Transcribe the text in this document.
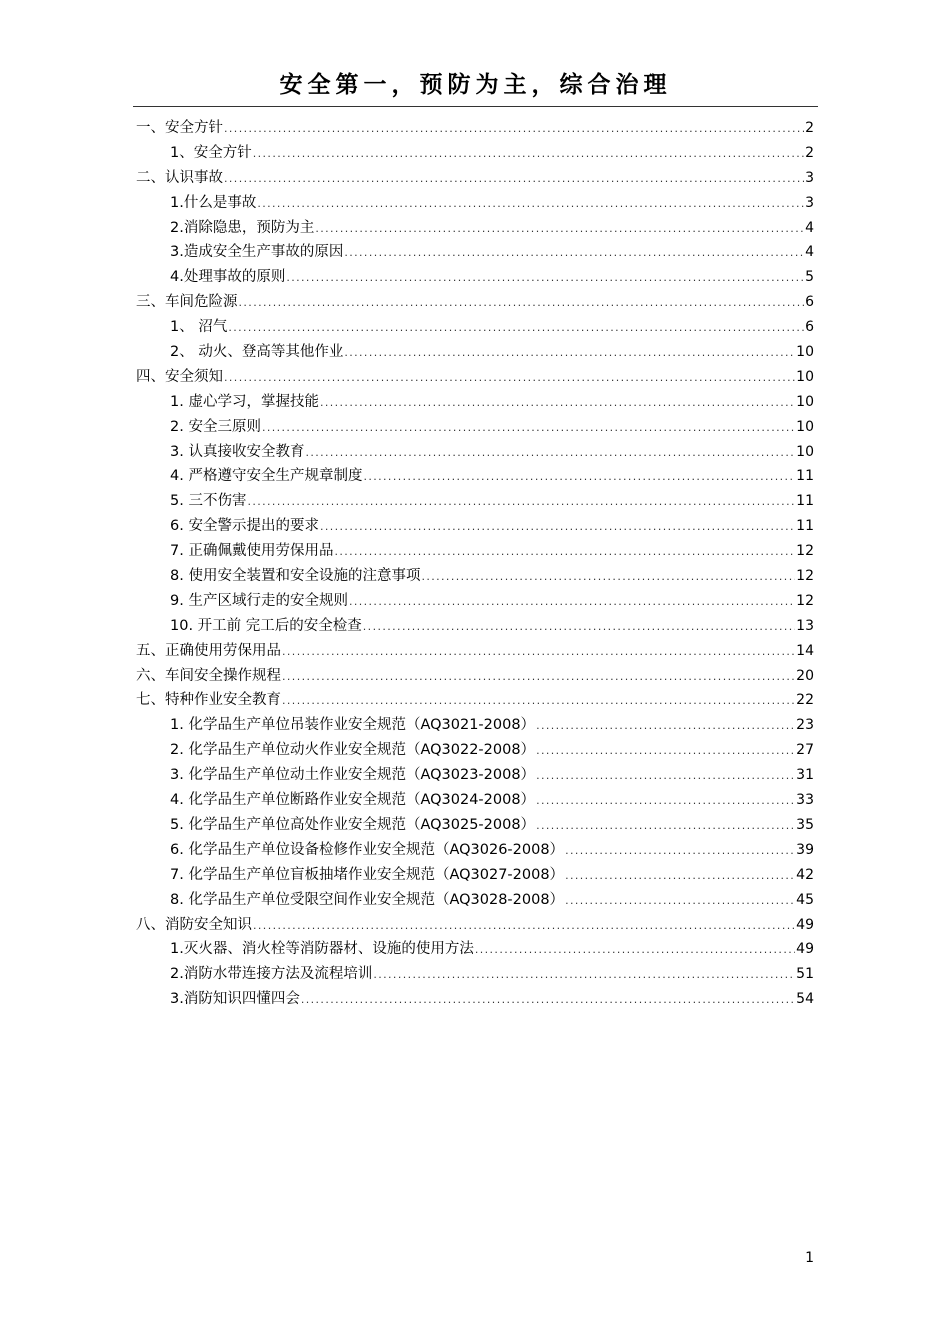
安全第一，预防为主，综合治理
一、安全方针 .....	2
1、安全方针 .....	2
二、认识事故 .....	3
1.什么是事故 .....	3
2.消除隐患，预防为主 .....	4
3.造成安全生产事故的原因 .....	4
4.处理事故的原则 .....	5
三、车间危险源 .....	6
1、 沼气 .....	6
2、 动火、登高等其他作业 .....	10
四、安全须知 .....	10
1. 虚心学习，掌握技能 .....	10
2. 安全三原则 .....	10
3. 认真接收安全教育 .....	10
4. 严格遵守安全生产规章制度 .....	11
5. 三不伤害 .....	11
6. 安全警示提出的要求 .....	11
7. 正确佩戴使用劳保用品 .....	12
8. 使用安全装置和安全设施的注意事项 .....	12
9. 生产区域行走的安全规则 .....	12
10. 开工前 完工后的安全检查 .....	13
五、正确使用劳保用品 .....	14
六、车间安全操作规程 .....	20
七、特种作业安全教育 .....	22
1. 化学品生产单位吊装作业安全规范（AQ3021-2008） .....	23
2. 化学品生产单位动火作业安全规范（AQ3022-2008） .....	27
3. 化学品生产单位动土作业安全规范（AQ3023-2008） .....	31
4. 化学品生产单位断路作业安全规范（AQ3024-2008） .....	33
5. 化学品生产单位高处作业安全规范（AQ3025-2008） .....	35
6. 化学品生产单位设备检修作业安全规范（AQ3026-2008） .....	39
7. 化学品生产单位盲板抽堵作业安全规范（AQ3027-2008） .....	42
8. 化学品生产单位受限空间作业安全规范（AQ3028-2008） .....	45
八、消防安全知识 .....	49
1.灭火器、消火栓等消防器材、设施的使用方法 .....	49
2.消防水带连接方法及流程培训 .....	51
3.消防知识四懂四会 .....	54
1
